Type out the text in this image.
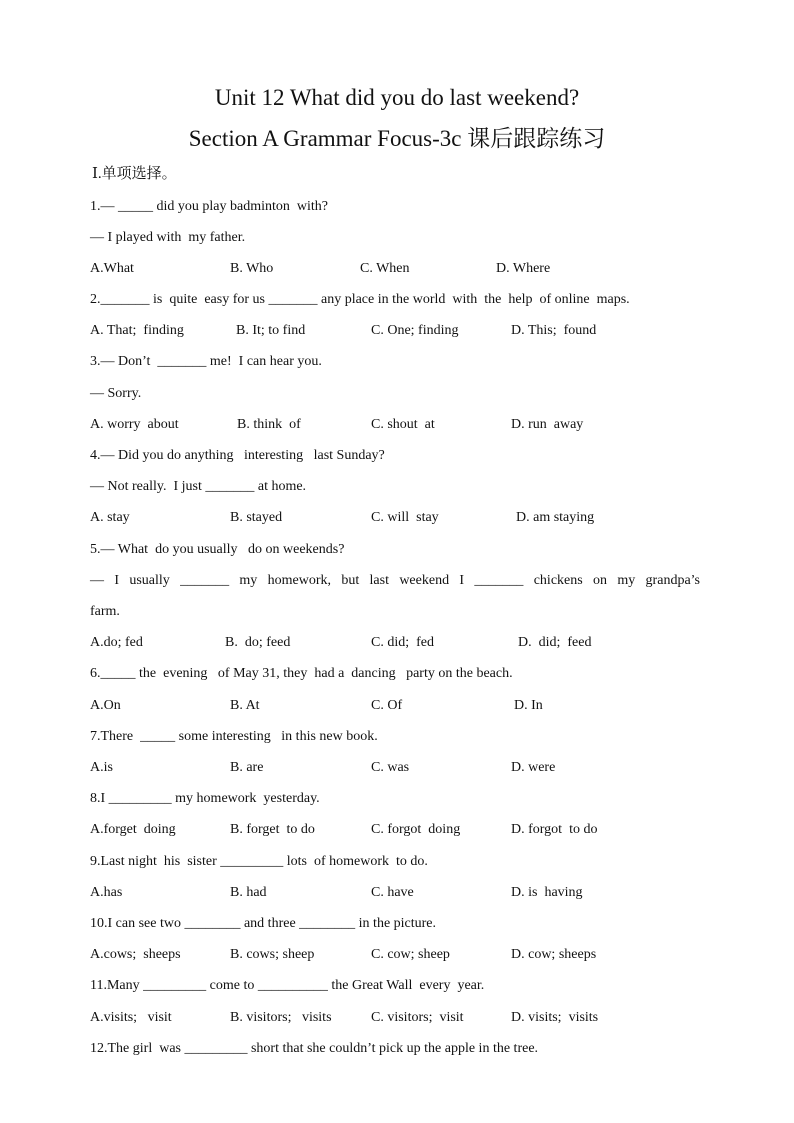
Unit 12 What did you do last weekend?
Section A Grammar Focus-3c 课后跟踪练习
Ⅰ.单项选择。
1.— _____ did you play badminton  with?
— I played with  my father.
A.What	B. Who	C. When	D. Where
2._______ is  quite  easy for us _______ any place in the world  with  the  help  of online  maps.
A. That;  finding	B. It; to find	C. One; finding	D. This;  found
3.— Don’t  _______ me!  I can hear you.
— Sorry.
A. worry  about	B. think  of	C. shout  at	D. run  away
4.— Did you do anything   interesting   last Sunday?
— Not really.  I just _______ at home.
A. stay	B. stayed	C. will  stay	D. am staying
5.— What  do you usually   do on weekends?
— I usually _______ my homework, but last weekend I _______ chickens on my grandpa’s
farm.
A.do; fed	B.  do; feed	C. did;  fed	D.  did;  feed
6._____ the  evening   of May 31, they  had a  dancing   party on the beach.
A.On	B. At	C. Of	D. In
7.There  _____ some interesting   in this new book.
A.is	B. are	C. was	D. were
8.I _________ my homework  yesterday.
A.forget  doing	B. forget  to do	C. forgot  doing	D. forgot  to do
9.Last night  his  sister _________ lots  of homework  to do.
A.has	B. had	C. have	D. is  having
10.I can see two ________ and three ________ in the picture.
A.cows;  sheeps	B. cows; sheep	C. cow; sheep	D. cow; sheeps
11.Many _________ come to __________ the Great Wall  every  year.
A.visits;   visit	B. visitors;   visits	C. visitors;  visit	D. visits;  visits
12.The girl  was _________ short that she couldn’t pick up the apple in the tree.
